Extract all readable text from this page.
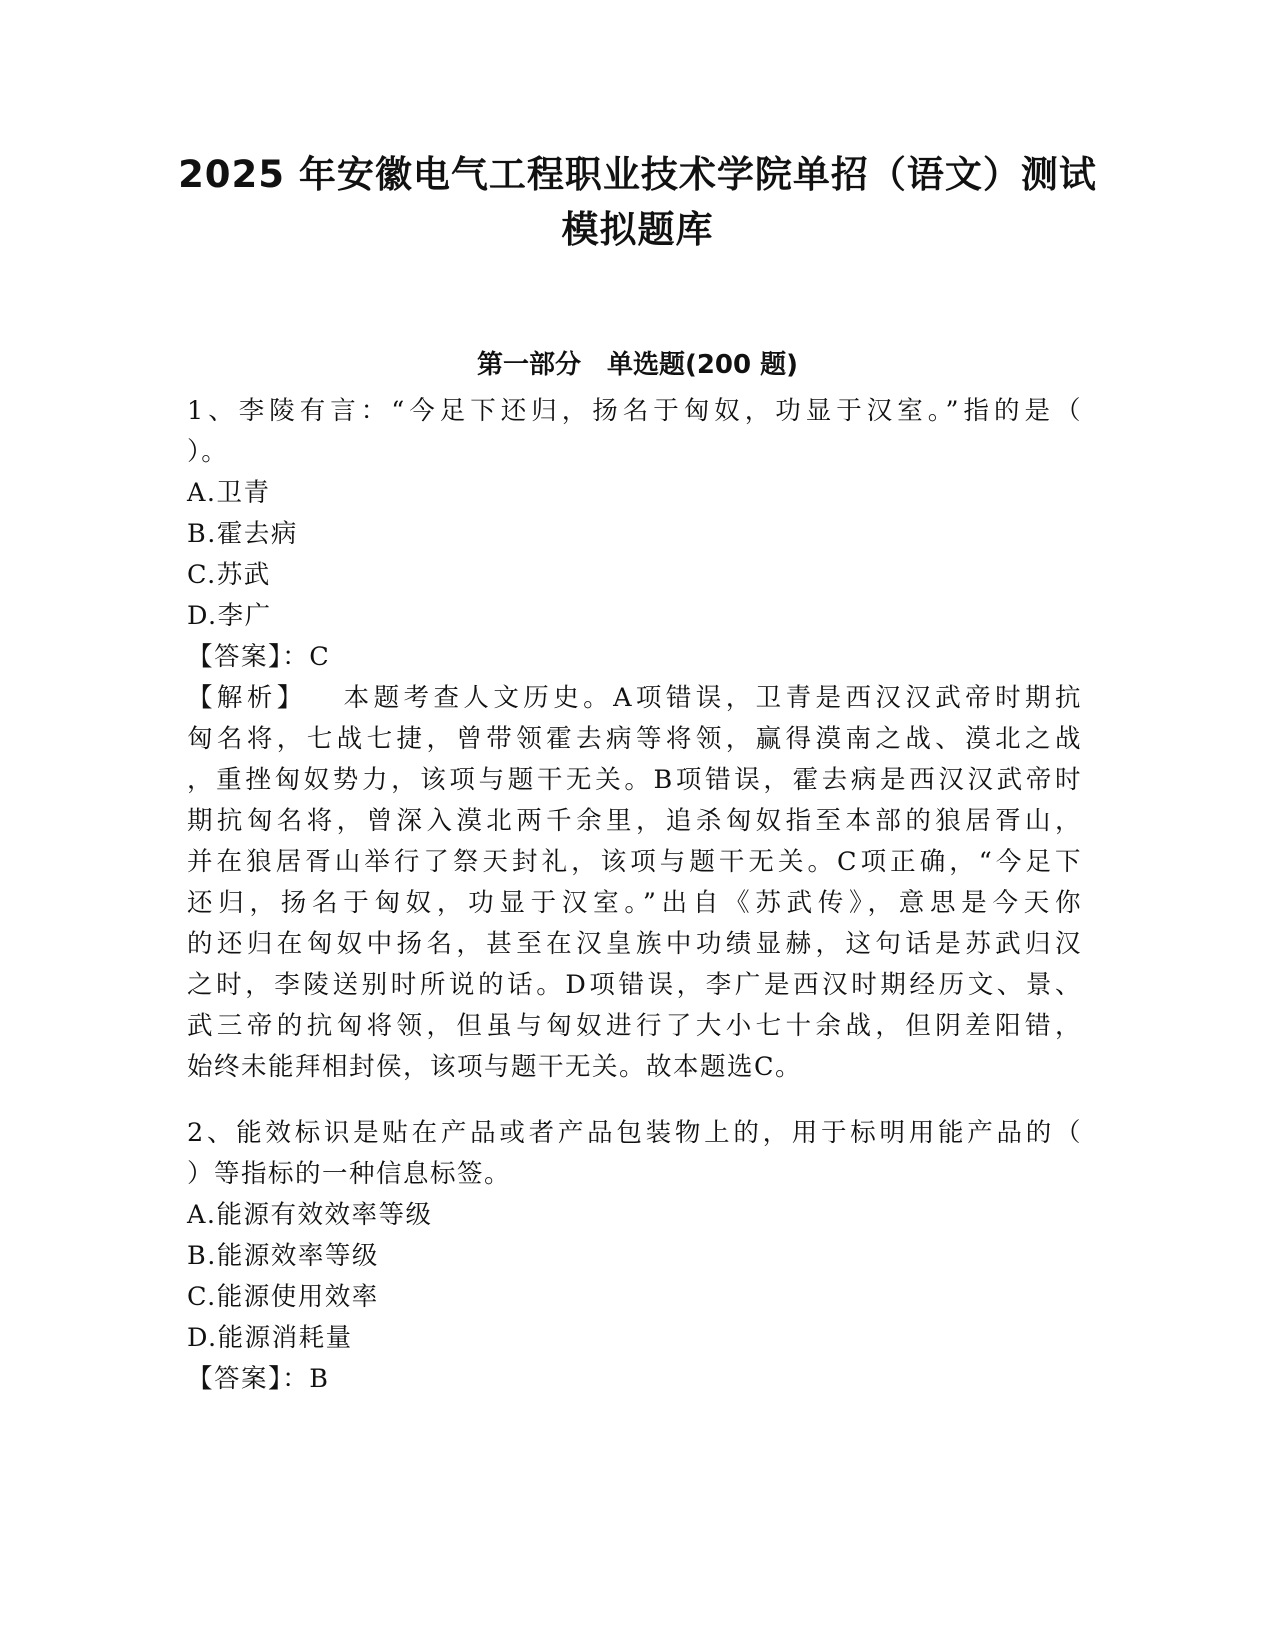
2025 年安徽电气工程职业技术学院单招（语文）测试
模拟题库
第一部分　单选题(200 题)
1、李陵有言：“今足下还归，扬名于匈奴，功显于汉室。”指的是（
）。
A.卫青
B.霍去病
C.苏武
D.李广
【答案】：C
【解析】 本题考查人文历史。A项错误，卫青是西汉汉武帝时期抗
匈名将，七战七捷，曾带领霍去病等将领，赢得漠南之战、漠北之战
，重挫匈奴势力，该项与题干无关。B项错误，霍去病是西汉汉武帝时
期抗匈名将，曾深入漠北两千余里，追杀匈奴指至本部的狼居胥山，
并在狼居胥山举行了祭天封礼，该项与题干无关。C项正确，“今足下
还归，扬名于匈奴，功显于汉室。”出自《苏武传》，意思是今天你
的还归在匈奴中扬名，甚至在汉皇族中功绩显赫，这句话是苏武归汉
之时，李陵送别时所说的话。D项错误，李广是西汉时期经历文、景、
武三帝的抗匈将领，但虽与匈奴进行了大小七十余战，但阴差阳错，
始终未能拜相封侯，该项与题干无关。故本题选C。
2、能效标识是贴在产品或者产品包装物上的，用于标明用能产品的（
）等指标的一种信息标签。
A.能源有效效率等级
B.能源效率等级
C.能源使用效率
D.能源消耗量
【答案】：B
